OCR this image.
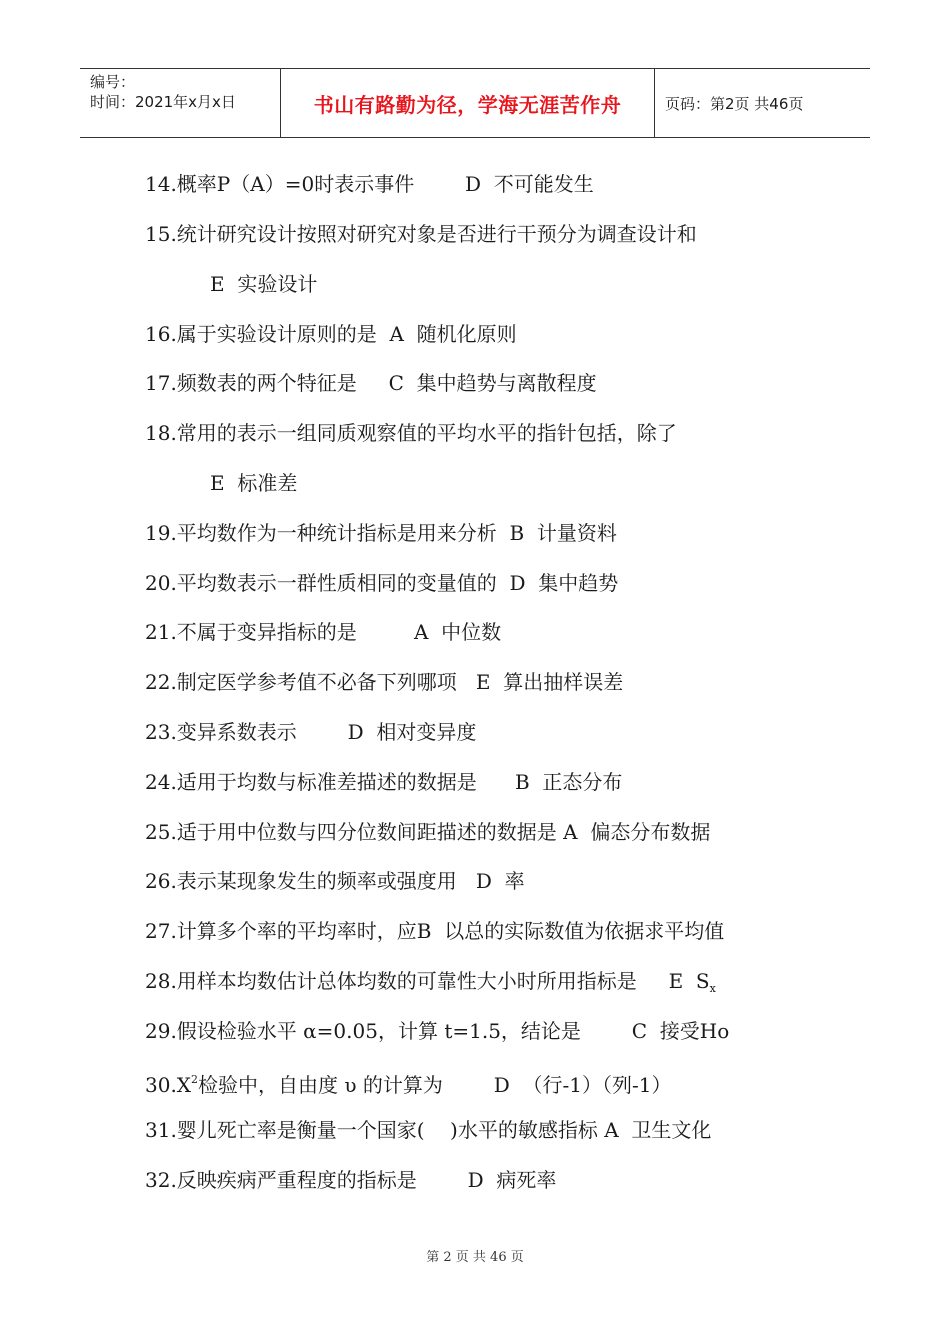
编号：
时间：2021年x月x日	书山有路勤为径，学海无涯苦作舟	页码：第2页 共46页
14.概率P（A）=0时表示事件        D  不可能发生
15.统计研究设计按照对研究对象是否进行干预分为调查设计和
E  实验设计
16.属于实验设计原则的是  A  随机化原则
17.频数表的两个特征是     C  集中趋势与离散程度
18.常用的表示一组同质观察值的平均水平的指针包括，除了
E  标准差
19.平均数作为一种统计指标是用来分析  B  计量资料
20.平均数表示一群性质相同的变量值的  D  集中趋势
21.不属于变异指标的是         A  中位数
22.制定医学参考值不必备下列哪项   E  算出抽样误差
23.变异系数表示        D  相对变异度
24.适用于均数与标准差描述的数据是      B  正态分布
25.适于用中位数与四分位数间距描述的数据是 A  偏态分布数据
26.表示某现象发生的频率或强度用   D  率
27.计算多个率的平均率时，应B  以总的实际数值为依据求平均值
28.用样本均数估计总体均数的可靠性大小时所用指标是     E  $S_x$
29.假设检验水平 α=0.05，计算 t=1.5，结论是        C  接受Ho
$30.X^2$检验中，自由度 υ 的计算为        D  （行-1）（列-1）
31.婴儿死亡率是衡量一个国家(    )水平的敏感指标 A  卫生文化
32.反映疾病严重程度的指标是        D  病死率
第 2 页 共 46 页
